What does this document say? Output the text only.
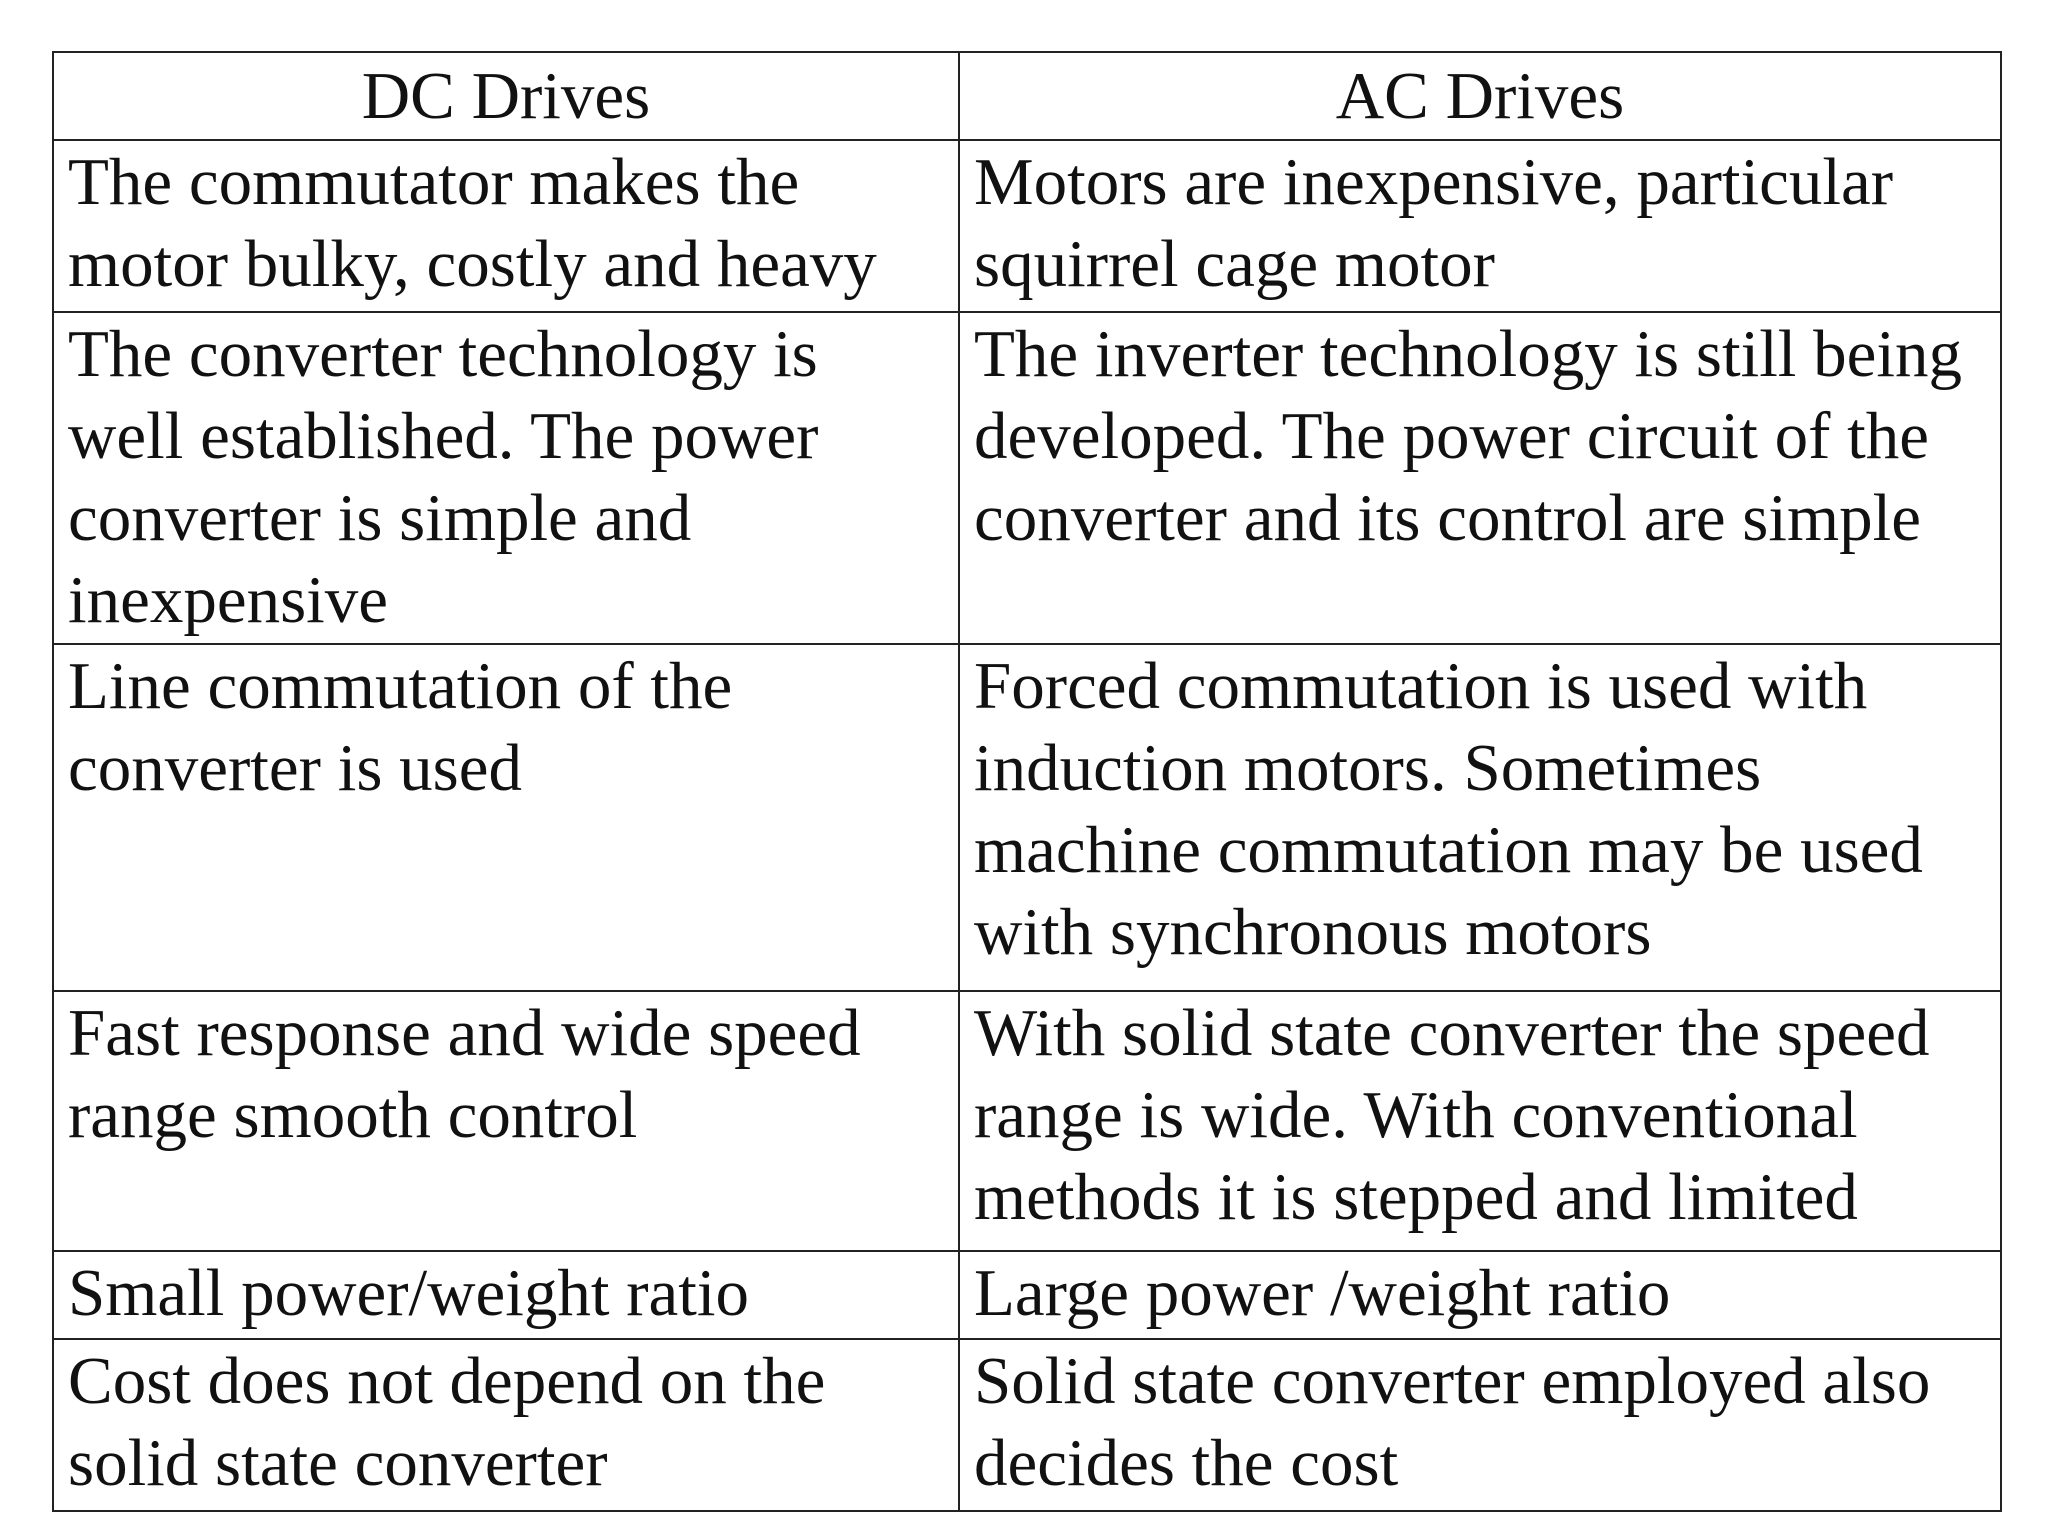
DC Drives	AC Drives
The commutator makes the motor bulky, costly and heavy	Motors are inexpensive, particular squirrel cage motor
The converter technology is well established. The power converter is simple and inexpensive	The inverter technology is still being developed. The power circuit of the converter and its control are simple
Line commutation of the converter is used	Forced commutation is used with induction motors. Sometimes machine commutation may be used with synchronous motors
Fast response and wide speed range smooth control	With solid state converter the speed range is wide. With conventional methods it is stepped and limited
Small power/weight ratio	Large power /weight ratio
Cost does not depend on the solid state converter	Solid state converter employed also decides the cost
